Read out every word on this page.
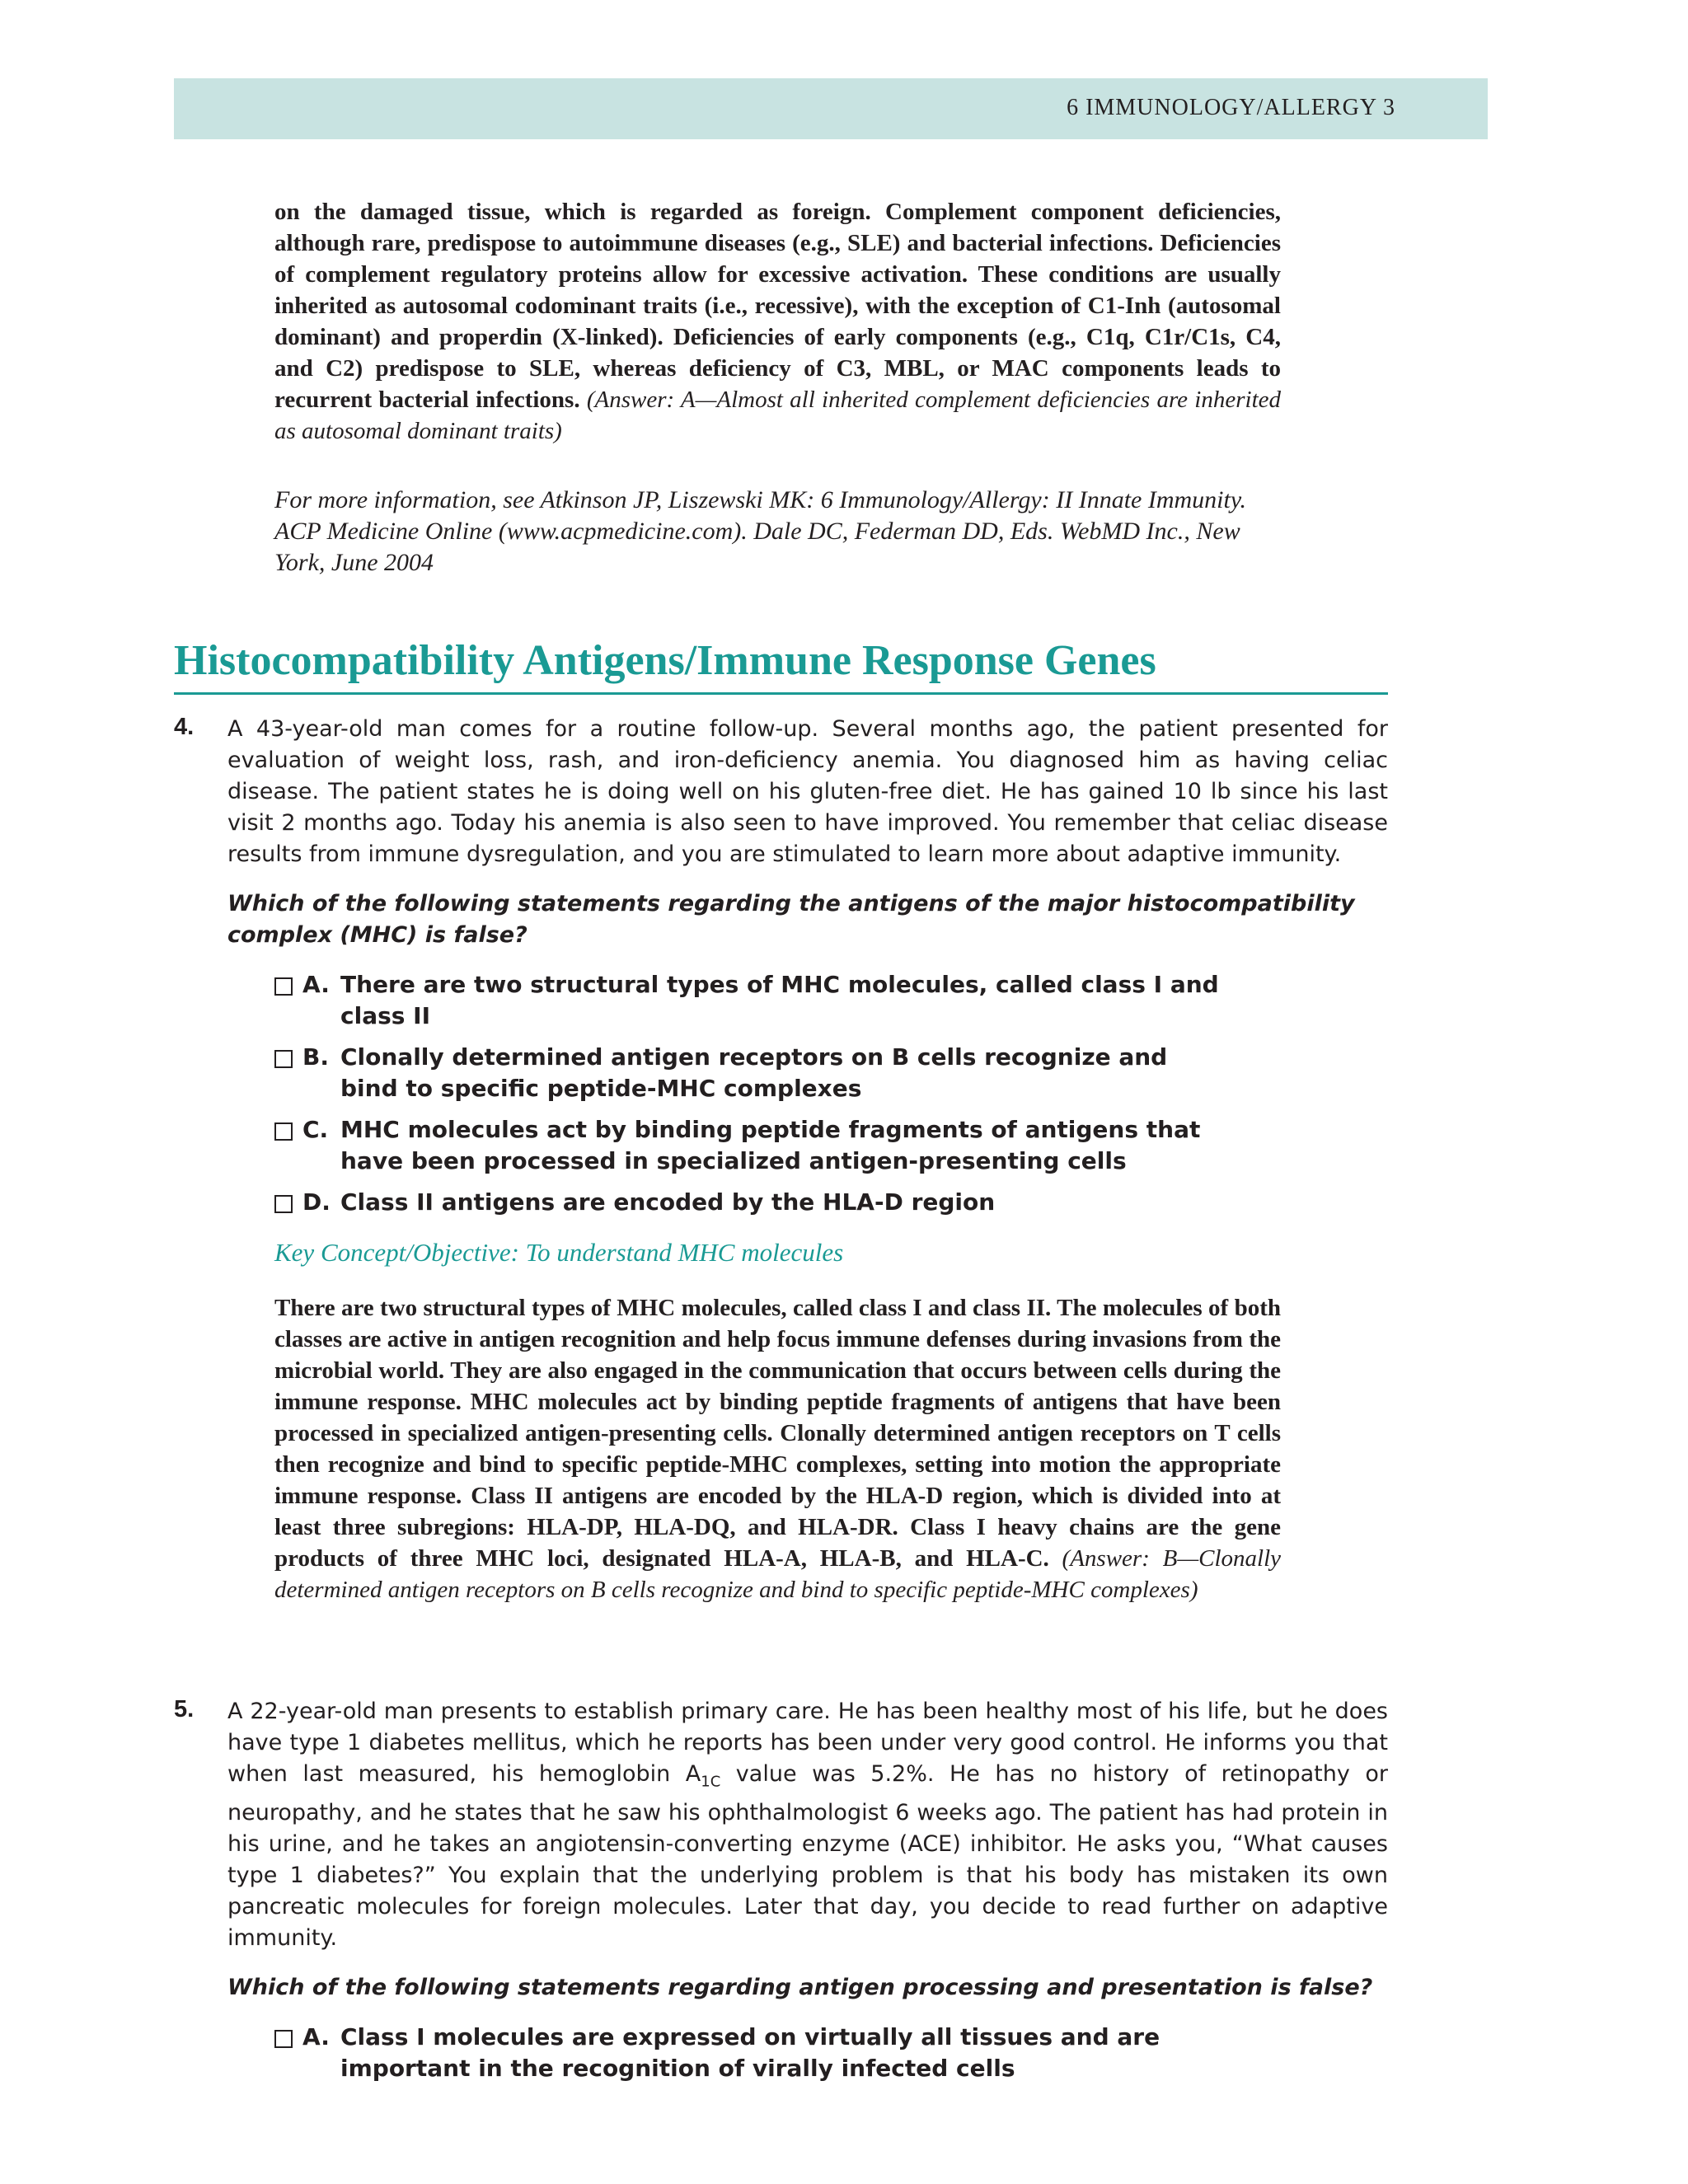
6 IMMUNOLOGY/ALLERGY 3
on the damaged tissue, which is regarded as foreign. Complement component deficiencies, although rare, predispose to autoimmune diseases (e.g., SLE) and bacterial infections. Deficiencies of complement regulatory proteins allow for excessive activation. These conditions are usually inherited as autosomal codominant traits (i.e., recessive), with the exception of C1-Inh (autosomal dominant) and properdin (X-linked). Deficiencies of early components (e.g., C1q, C1r/C1s, C4, and C2) predispose to SLE, whereas deficiency of C3, MBL, or MAC components leads to recurrent bacterial infections. (Answer: A—Almost all inherited complement deficiencies are inherited as autosomal dominant traits)
For more information, see Atkinson JP, Liszewski MK: 6 Immunology/Allergy: II Innate Immunity. ACP Medicine Online (www.acpmedicine.com). Dale DC, Federman DD, Eds. WebMD Inc., New York, June 2004
Histocompatibility Antigens/Immune Response Genes
4. A 43-year-old man comes for a routine follow-up. Several months ago, the patient presented for evaluation of weight loss, rash, and iron-deficiency anemia. You diagnosed him as having celiac disease. The patient states he is doing well on his gluten-free diet. He has gained 10 lb since his last visit 2 months ago. Today his anemia is also seen to have improved. You remember that celiac disease results from immune dysregulation, and you are stimulated to learn more about adaptive immunity.
Which of the following statements regarding the antigens of the major histocompatibility complex (MHC) is false?
A. There are two structural types of MHC molecules, called class I and class II
B. Clonally determined antigen receptors on B cells recognize and bind to specific peptide-MHC complexes
C. MHC molecules act by binding peptide fragments of antigens that have been processed in specialized antigen-presenting cells
D. Class II antigens are encoded by the HLA-D region
Key Concept/Objective: To understand MHC molecules
There are two structural types of MHC molecules, called class I and class II. The molecules of both classes are active in antigen recognition and help focus immune defenses during invasions from the microbial world. They are also engaged in the communication that occurs between cells during the immune response. MHC molecules act by binding peptide fragments of antigens that have been processed in specialized antigen-presenting cells. Clonally determined antigen receptors on T cells then recognize and bind to specific peptide-MHC complexes, setting into motion the appropriate immune response. Class II antigens are encoded by the HLA-D region, which is divided into at least three subregions: HLA-DP, HLA-DQ, and HLA-DR. Class I heavy chains are the gene products of three MHC loci, designated HLA-A, HLA-B, and HLA-C. (Answer: B—Clonally determined antigen receptors on B cells recognize and bind to specific peptide-MHC complexes)
5. A 22-year-old man presents to establish primary care. He has been healthy most of his life, but he does have type 1 diabetes mellitus, which he reports has been under very good control. He informs you that when last measured, his hemoglobin $A_{1C}$ value was 5.2%. He has no history of retinopathy or neuropathy, and he states that he saw his ophthalmologist 6 weeks ago. The patient has had protein in his urine, and he takes an angiotensin-converting enzyme (ACE) inhibitor. He asks you, “What causes type 1 diabetes?” You explain that the underlying problem is that his body has mistaken its own pancreatic molecules for foreign molecules. Later that day, you decide to read further on adaptive immunity.
Which of the following statements regarding antigen processing and presentation is false?
A. Class I molecules are expressed on virtually all tissues and are important in the recognition of virally infected cells
